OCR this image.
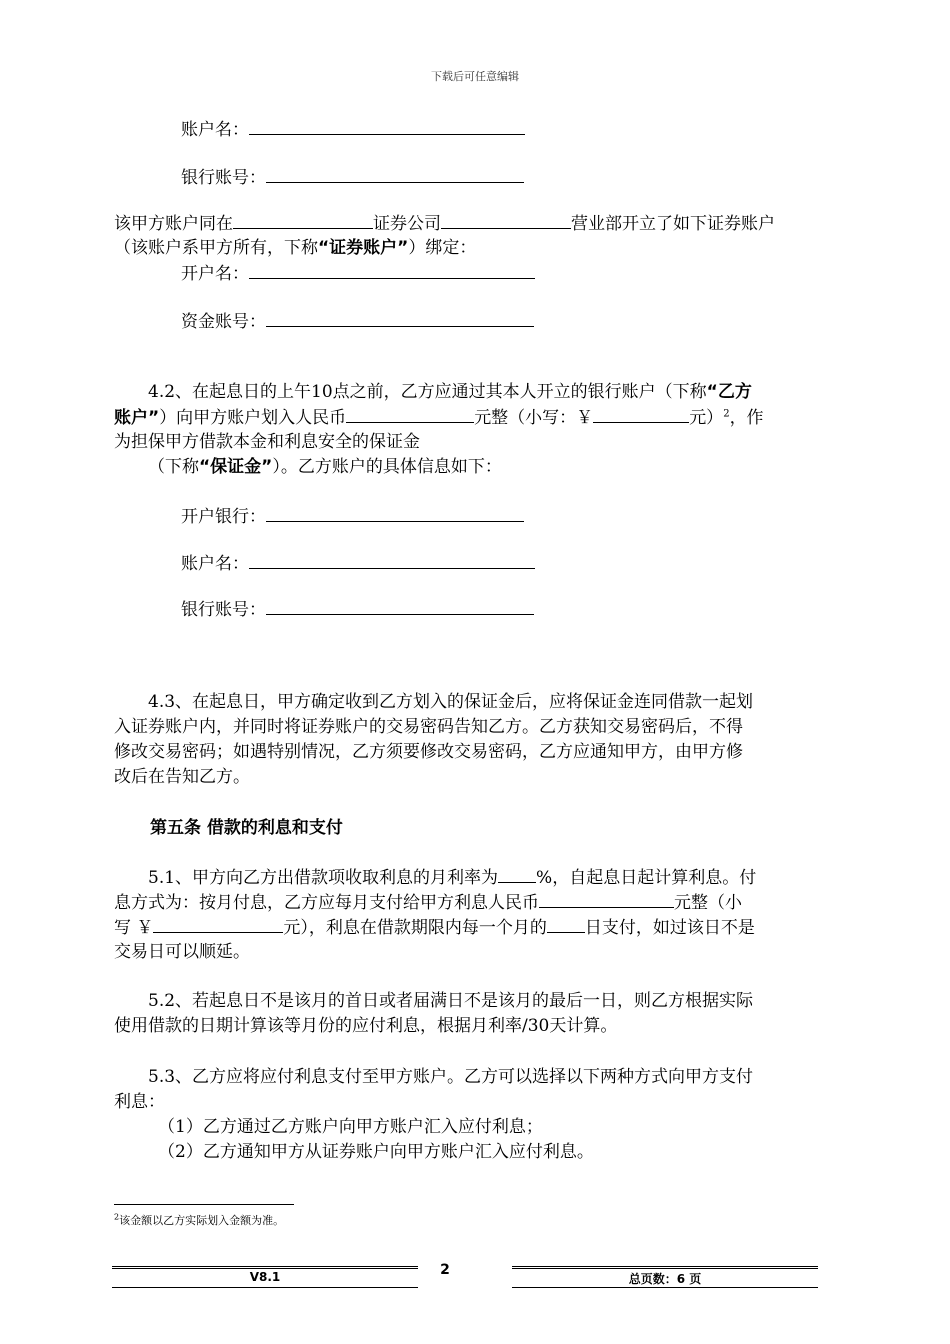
下载后可任意编辑
账户名：
银行账号：
该甲方账户同在	证券公司	营业部开立了如下证券账户
（该账户系甲方所有，下称“证券账户”）绑定：
开户名：
资金账号：
4.2、在起息日的上午10点之前，乙方应通过其本人开立的银行账户（下称“乙方
账户”）向甲方账户划入人民币	元整（小写：￥	元）$^2$，作
为担保甲方借款本金和利息安全的保证金
（下称“保证金”）。乙方账户的具体信息如下：
开户银行：
账户名：
银行账号：
4.3、在起息日，甲方确定收到乙方划入的保证金后，应将保证金连同借款一起划
入证券账户内，并同时将证券账户的交易密码告知乙方。乙方获知交易密码后，不得
修改交易密码；如遇特别情况，乙方须要修改交易密码，乙方应通知甲方，由甲方修
改后在告知乙方。
第五条 借款的利息和支付
5.1、甲方向乙方出借款项收取利息的月利率为 %，自起息日起计算利息。付
息方式为：按月付息，乙方应每月支付给甲方利息人民币	元整（小
写 ￥	元），利息在借款期限内每一个月的 日支付，如过该日不是
交易日可以顺延。
5.2、若起息日不是该月的首日或者届满日不是该月的最后一日，则乙方根据实际
使用借款的日期计算该等月份的应付利息，根据月利率/30天计算。
5.3、乙方应将应付利息支付至甲方账户。乙方可以选择以下两种方式向甲方支付
利息：
（1）乙方通过乙方账户向甲方账户汇入应付利息；
（2）乙方通知甲方从证券账户向甲方账户汇入应付利息。
$^2$该金额以乙方实际划入金额为准。
V8.1	2
总页数：6 页
